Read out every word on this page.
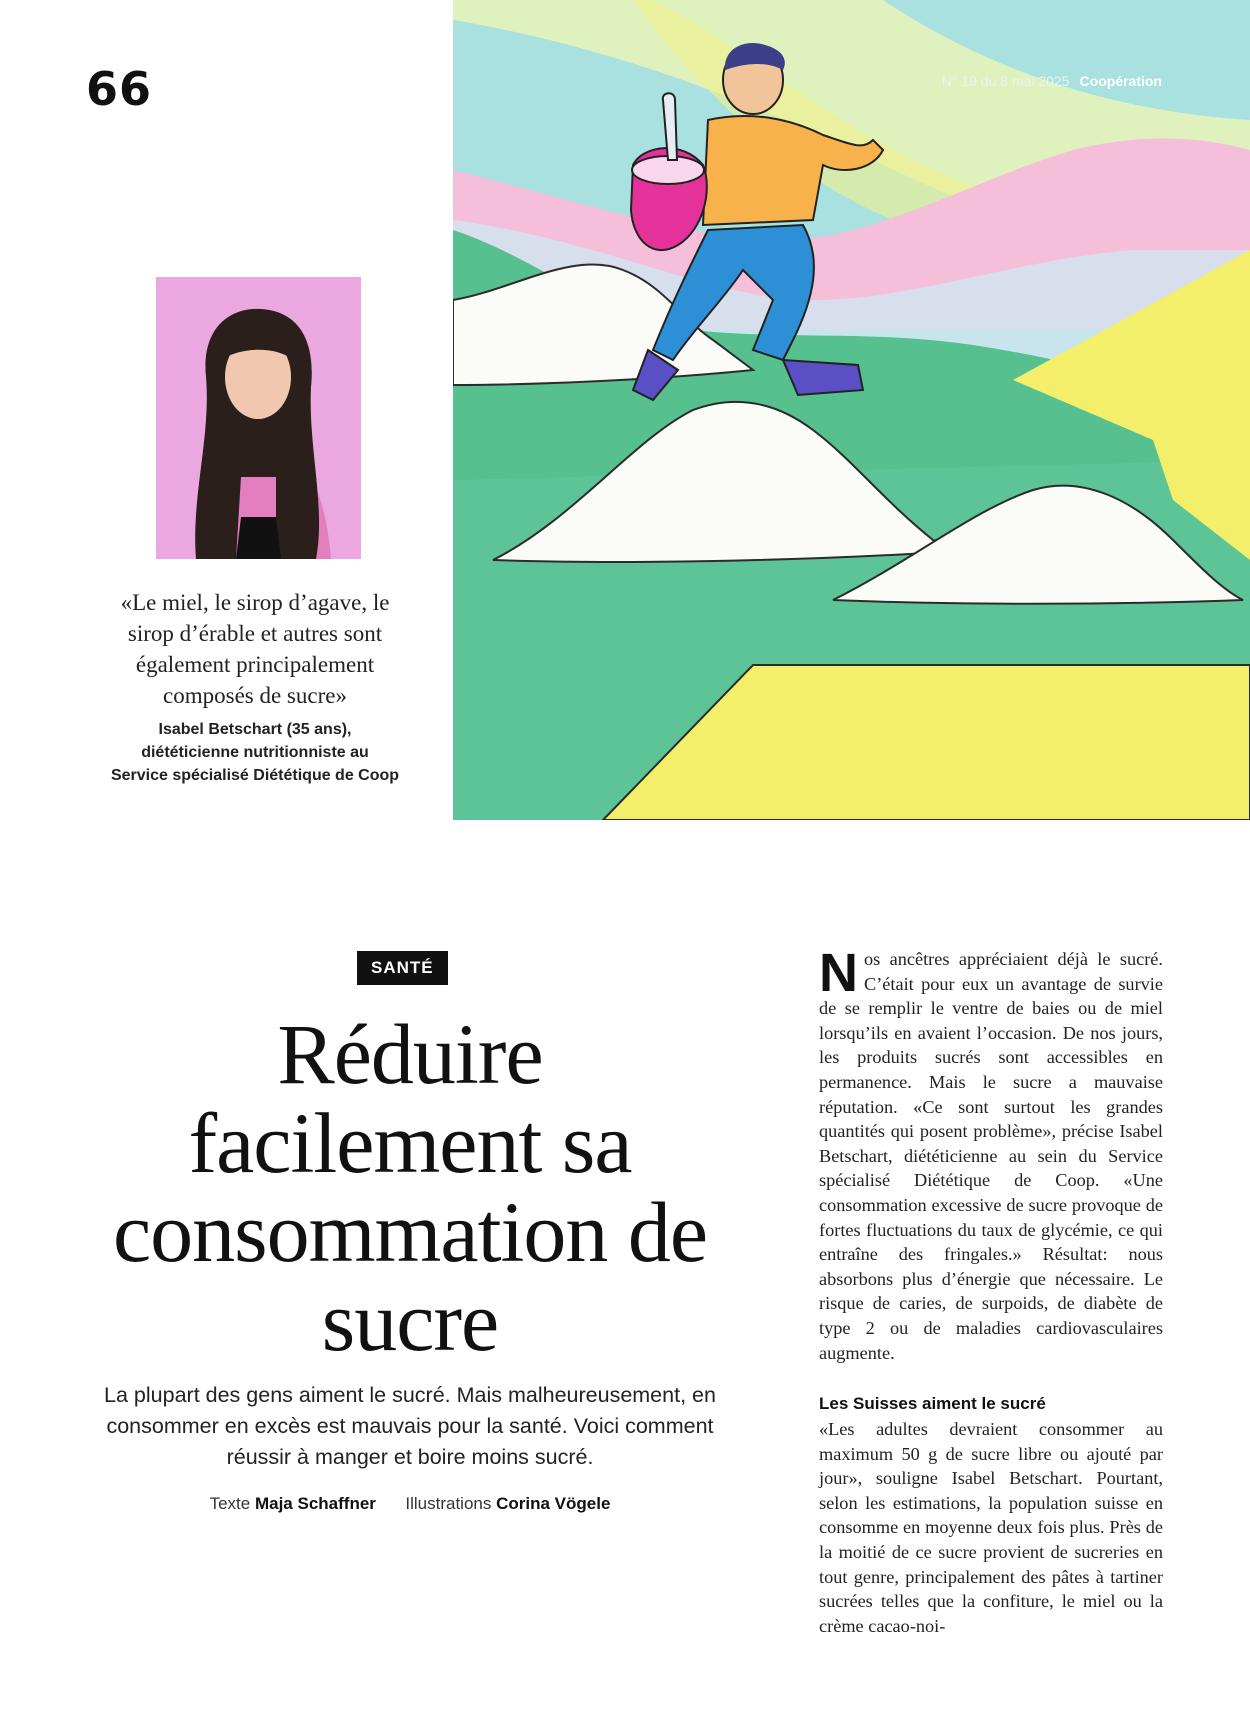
66	N° 19 du 8 mai 2025 Coopération
«Le miel, le sirop d’agave, le sirop d’érable et autres sont également principalement composés de sucre»
Isabel Betschart (35 ans),
diététicienne nutritionniste au
Service spécialisé Diététique de Coop
SANTÉ
Réduire facilement sa consommation de sucre
La plupart des gens aiment le sucré. Mais malheureusement, en consommer en excès est mauvais pour la santé. Voici comment réussir à manger et boire moins sucré.
Texte Maja Schaffner Illustrations Corina Vögele

Nos ancêtres appréciaient déjà le sucré. C’était pour eux un avantage de survie de se remplir le ventre de baies ou de miel lorsqu’ils en avaient l’occasion. De nos jours, les produits sucrés sont accessibles en permanence. Mais le sucre a mauvaise réputation. «Ce sont surtout les grandes quantités qui posent problème», précise Isabel Betschart, diététicienne au sein du Service spécialisé Diététique de Coop. «Une consommation excessive de sucre provoque de fortes fluctuations du taux de glycémie, ce qui entraîne des fringales.» Résultat: nous absorbons plus d’énergie que nécessaire. Le risque de caries, de surpoids, de diabète de type 2 ou de maladies cardiovasculaires augmente.

Les Suisses aiment le sucré

«Les adultes devraient consommer au maximum 50 g de sucre libre ou ajouté par jour», souligne Isabel Betschart. Pourtant, selon les estimations, la population suisse en consomme en moyenne deux fois plus. Près de la moitié de ce sucre provient de sucreries en tout genre, principalement des pâtes à tartiner sucrées telles que la confiture, le miel ou la crème cacao-noi-
